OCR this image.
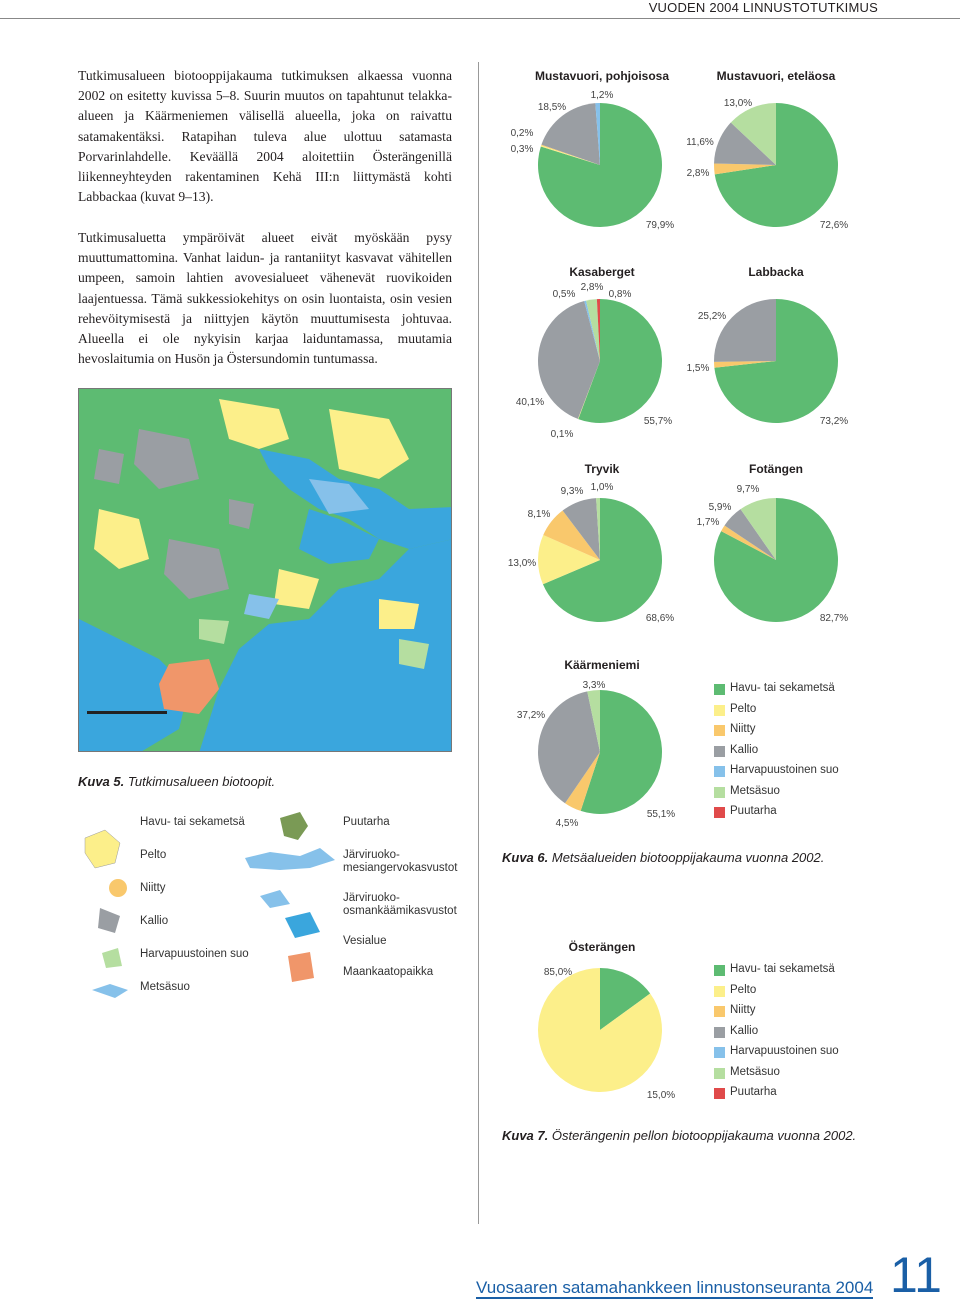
VUODEN 2004 LINNUSTOTUTKIMUS

Tutkimusalueen biotooppijakauma tutkimuksen alkaessa vuonna 2002 on esitetty kuvissa 5–8. Suurin muutos on tapahtunut telakka-alueen ja Käärmeniemen välisellä alueella, joka on raivattu satamakentäksi. Ratapihan tuleva alue ulottuu satamasta Porvarinlahdelle. Keväällä 2004 aloitettiin Österängenillä liikenneyhteyden rakentaminen Kehä III:n liittymästä kohti Labbackaa (kuvat 9–13).

Tutkimusaluetta ympäröivät alueet eivät myöskään pysy muuttumattomina. Vanhat laidun- ja rantaniityt kasvavat vähitellen umpeen, samoin lahtien avovesialueet vähenevät ruovikoiden laajentuessa. Tämä sukkessiokehitys on osin luontaista, osin vesien rehevöitymisestä ja niittyjen käytön muuttumisesta johtuvaa. Alueella ei ole nykyisin karjaa laiduntamassa, muutamia hevoslaitumia on Husön ja Östersundomin tuntumassa.

Kuva 5. Tutkimusalueen biotoopit.
Havu- tai sekametsä
Pelto
Niitty
Kallio
Harvapuustoinen suo
Metsäsuo
Puutarha
Järviruoko-
mesiangervokasvustot
Järviruoko-
osmankäämikasvustot
Vesialue
Maankaatopaikka
Mustavuori, pohjoisosa
79,9%
0,3%
0,2%
18,5%
1,2%
Mustavuori, eteläosa
72,6%
2,8%
11,6%
13,0%
Kasaberget
55,7%
0,1%
40,1%
0,5%
2,8%
0,8%
Labbacka
73,2%
1,5%
25,2%
Tryvik
68,6%
13,0%
8,1%
9,3% 1,0%
Fotängen
82,7%
1,7%
5,9%
9,7%
Käärmeniemi
55,1%
4,5%
37,2%
3,3%
Österängen
15,0%
85,0%
Havu- tai sekametsä
Pelto
Niitty
Kallio
Harvapuustoinen suo
Metsäsuo
Puutarha
Kuva 6. Metsäalueiden biotooppijakauma vuonna 2002.
Havu- tai sekametsä
Pelto
Niitty
Kallio
Harvapuustoinen suo
Metsäsuo
Puutarha
Kuva 7. Österängenin pellon biotooppijakauma vuonna 2002.
Vuosaaren satamahankkeen linnustonseuranta 2004 11
